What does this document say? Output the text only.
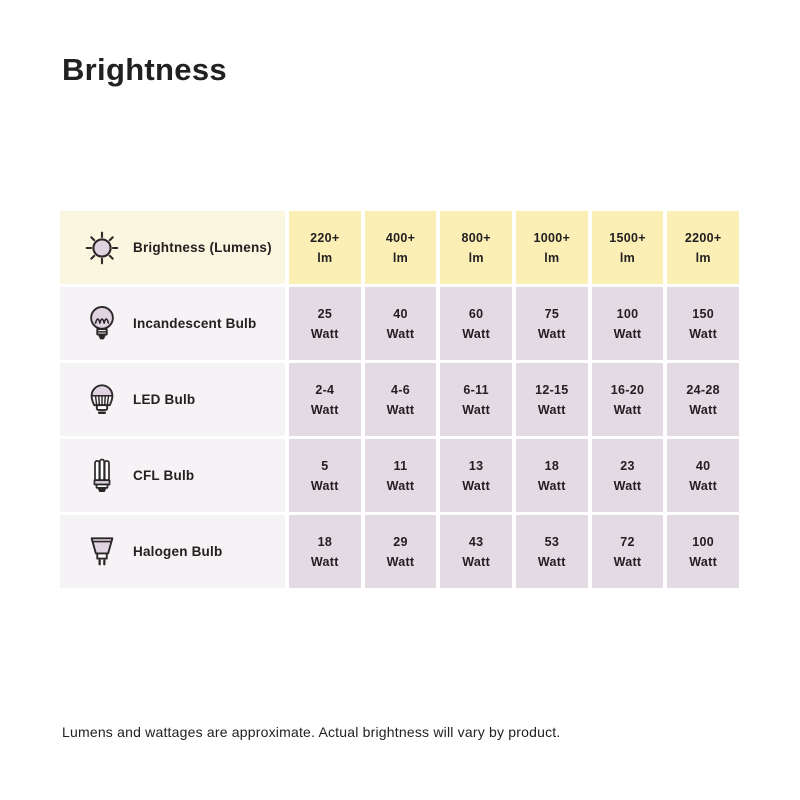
Brightness
Brightness (Lumens)
220+
lm
400+
lm
800+
lm
1000+
lm
1500+
lm
2200+
lm
Incandescent Bulb
25
Watt
40
Watt
60
Watt
75
Watt
100
Watt
150
Watt
LED Bulb
2-4
Watt
4-6
Watt
6-11
Watt
12-15
Watt
16-20
Watt
24-28
Watt
CFL Bulb
5
Watt
11
Watt
13
Watt
18
Watt
23
Watt
40
Watt
Halogen Bulb
18
Watt
29
Watt
43
Watt
53
Watt
72
Watt
100
Watt

Lumens and wattages are approximate. Actual brightness will vary by product.
